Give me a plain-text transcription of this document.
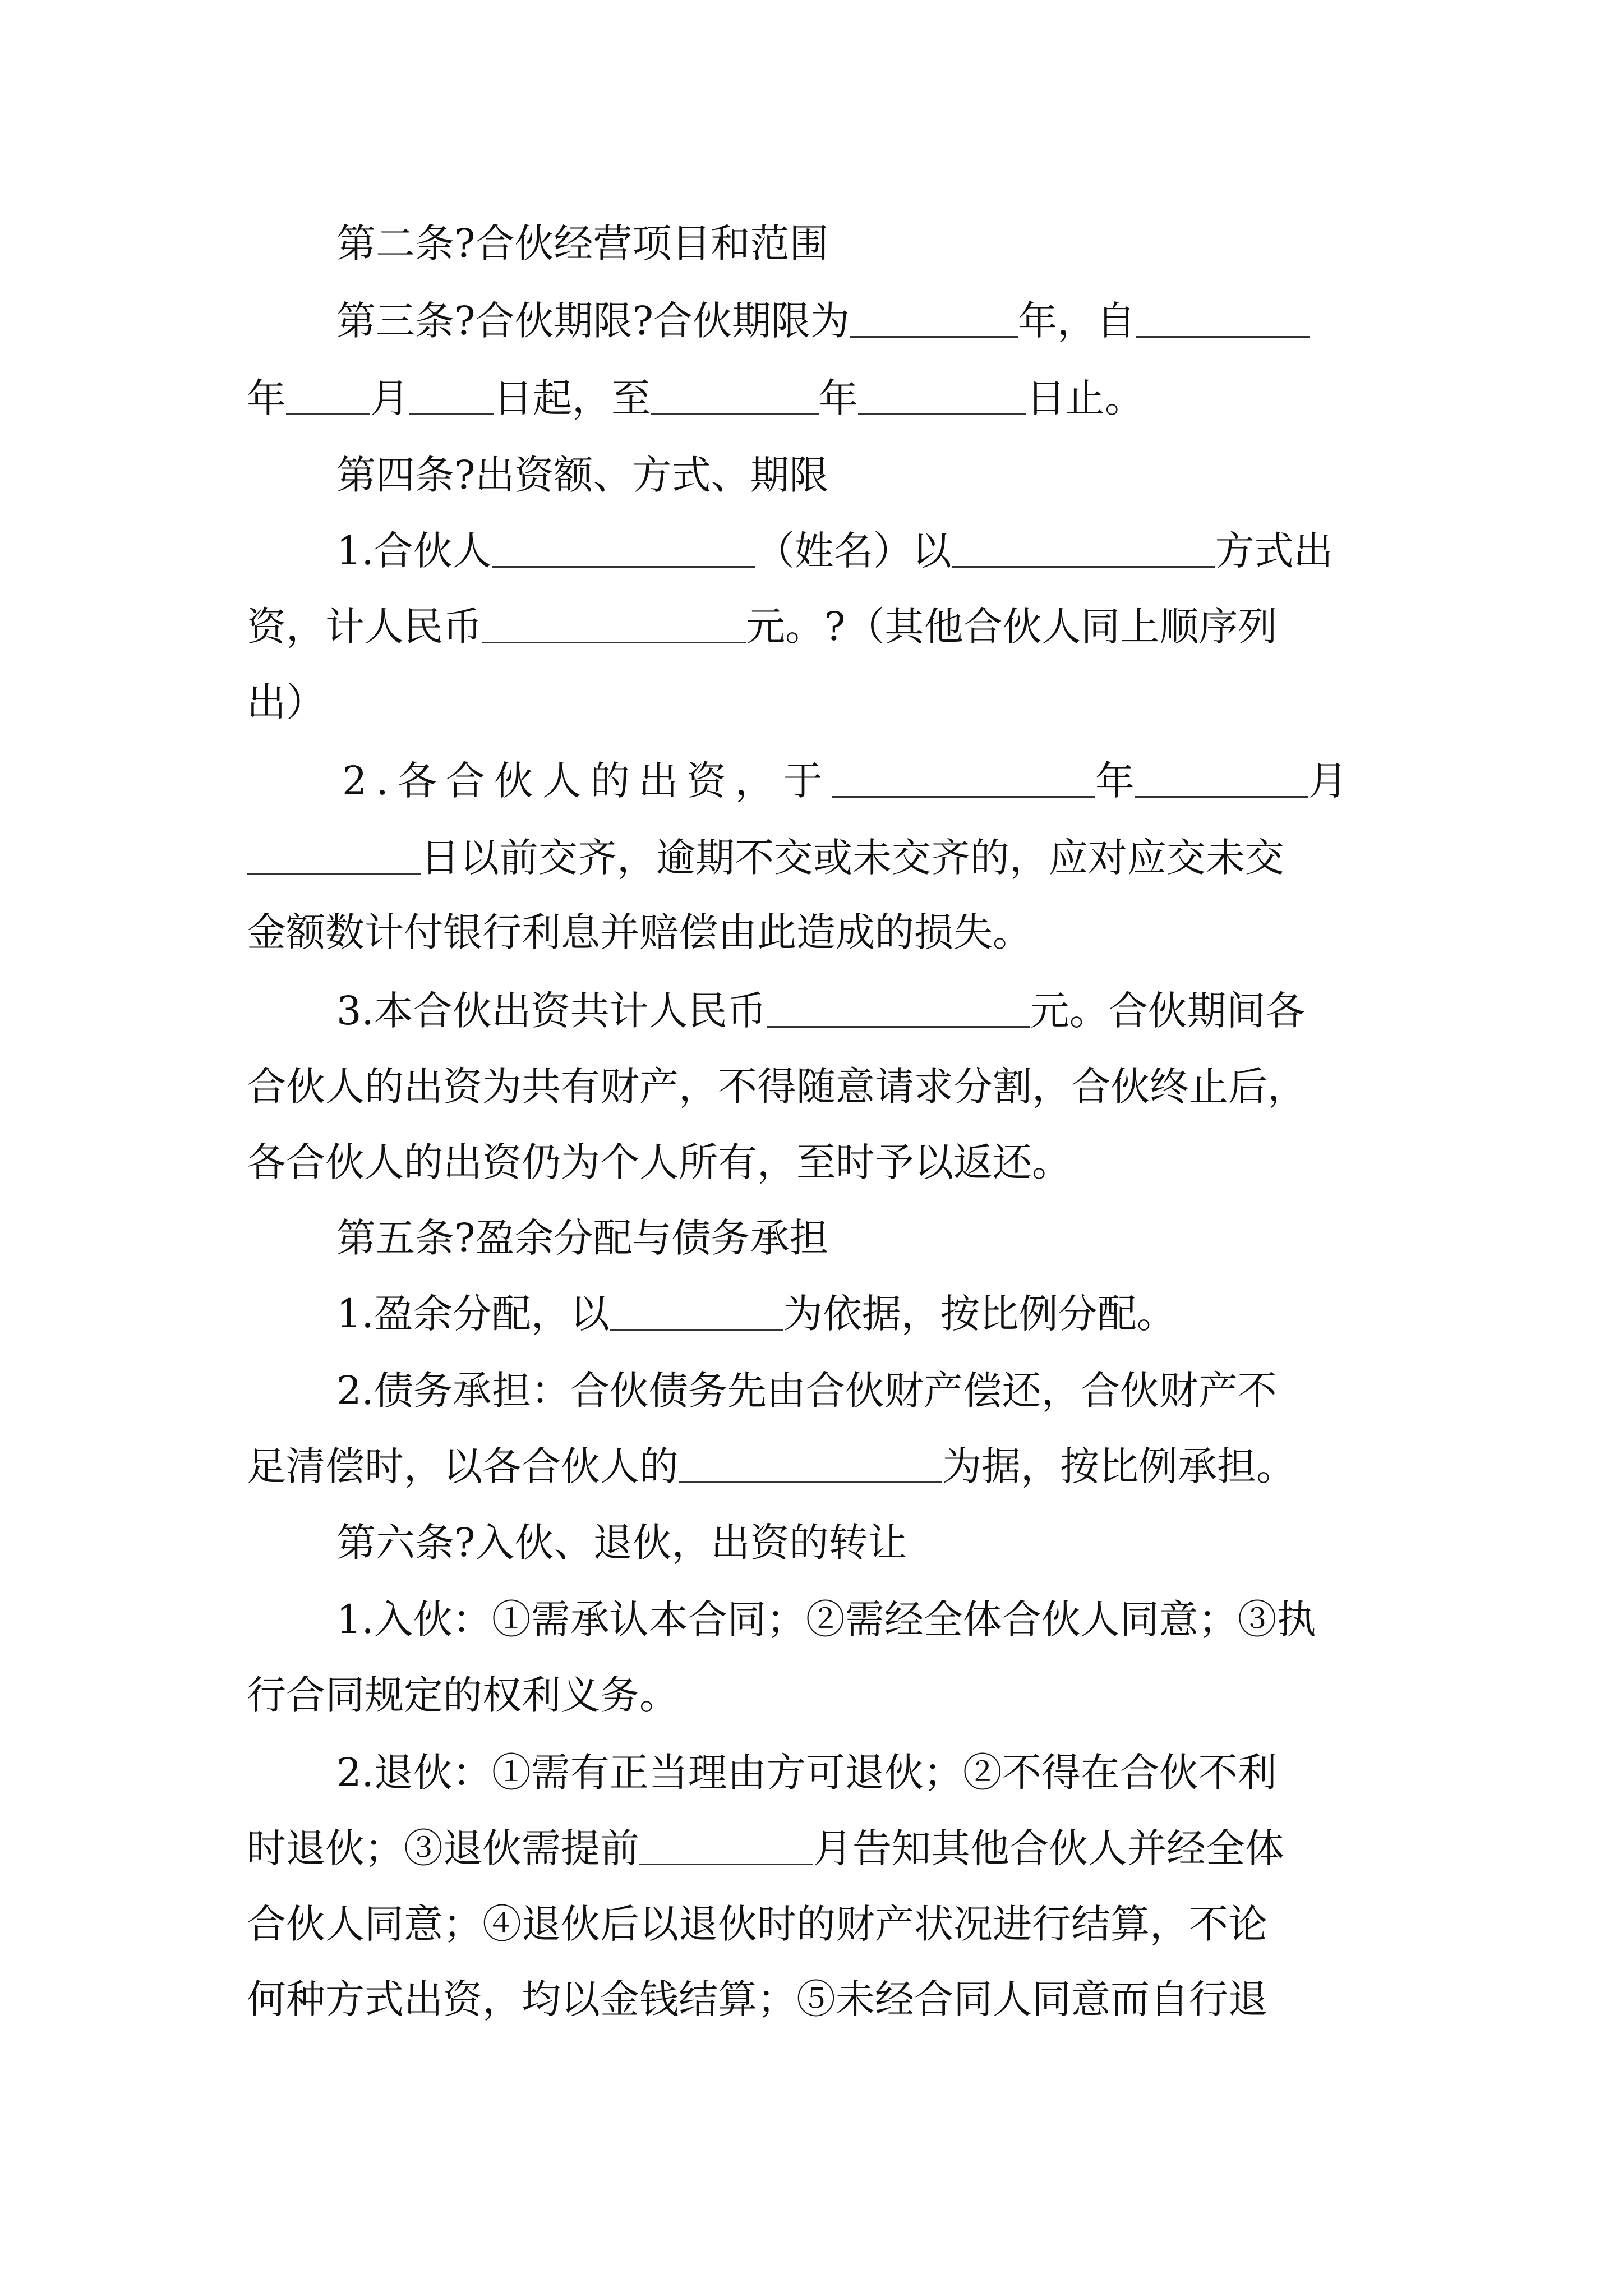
第二条?合伙经营项目和范围
第三条?合伙期限?合伙期限为	年，自
年 月 日起，至	年	日止。
第四条?出资额、方式、期限
1.合伙人	（姓名）以	方式出
资，计人民币	元。?（其他合伙人同上顺序列
出）
2.各合伙人的出资，于	年	月
日以前交齐，逾期不交或未交齐的，应对应交未交
金额数计付银行利息并赔偿由此造成的损失。
3.本合伙出资共计人民币	元。合伙期间各
合伙人的出资为共有财产，不得随意请求分割，合伙终止后，
各合伙人的出资仍为个人所有，至时予以返还。
第五条?盈余分配与债务承担
1.盈余分配，以	为依据，按比例分配。
2.债务承担：合伙债务先由合伙财产偿还，合伙财产不
足清偿时，以各合伙人的	为据，按比例承担。
第六条?入伙、退伙，出资的转让
1.入伙：①需承认本合同；②需经全体合伙人同意；③执
行合同规定的权利义务。
2.退伙：①需有正当理由方可退伙；②不得在合伙不利
时退伙；③退伙需提前	月告知其他合伙人并经全体
合伙人同意；④退伙后以退伙时的财产状况进行结算，不论
何种方式出资，均以金钱结算；⑤未经合同人同意而自行退
